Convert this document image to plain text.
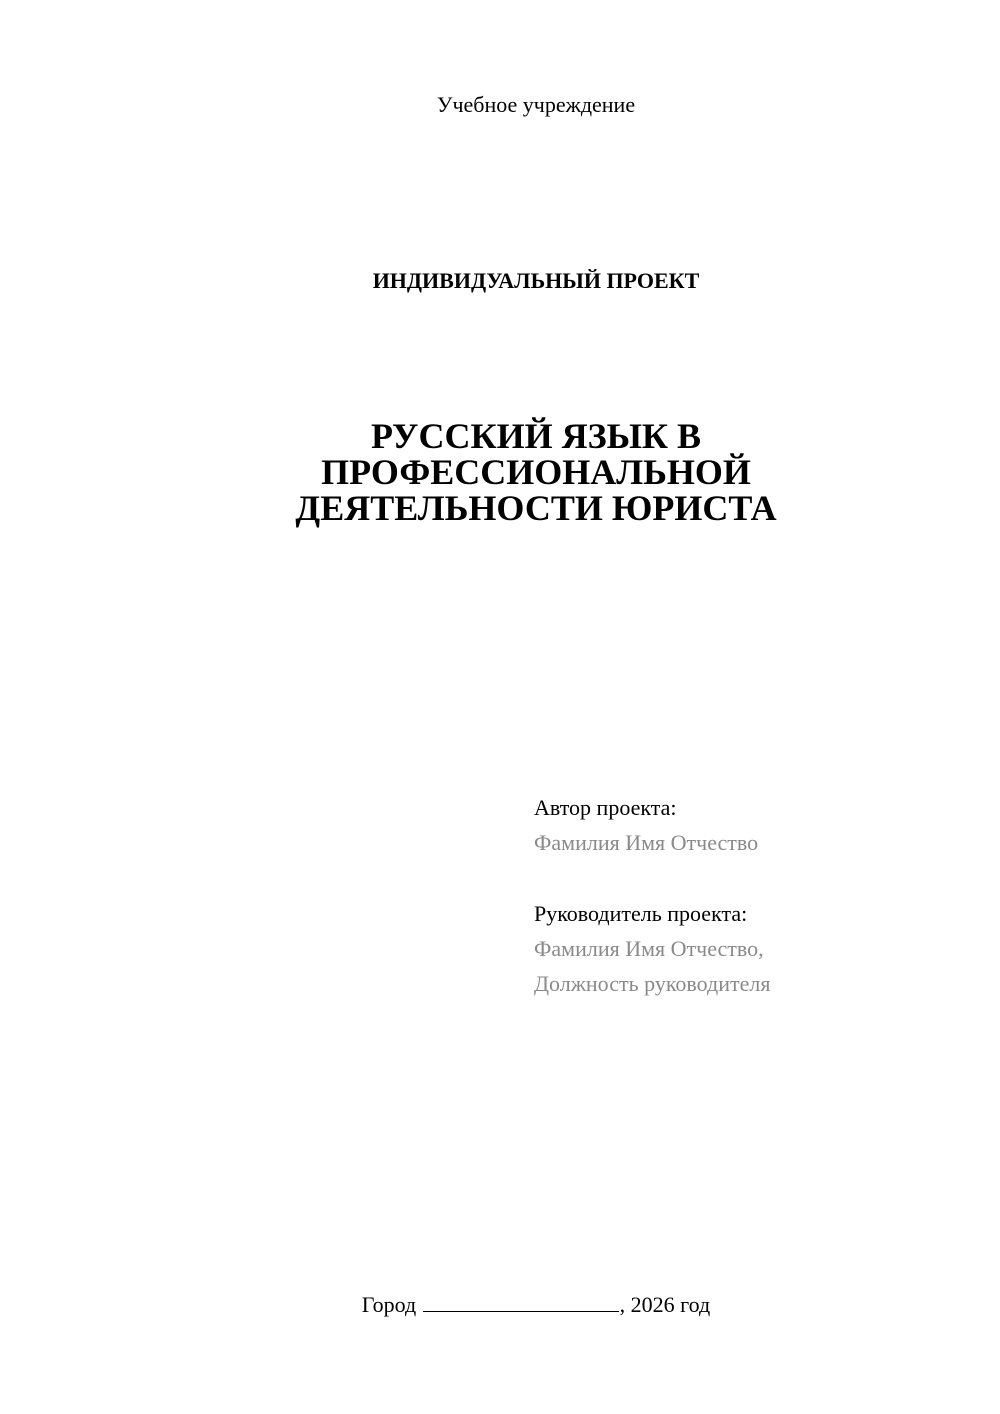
Учебное учреждение

ИНДИВИДУАЛЬНЫЙ ПРОЕКТ

РУССКИЙ ЯЗЫК В
ПРОФЕССИОНАЛЬНОЙ
ДЕЯТЕЛЬНОСТИ ЮРИСТА
Автор проекта:
Фамилия Имя Отчество
Руководитель проекта:
Фамилия Имя Отчество,
Должность руководителя

Город	, 2026 год
